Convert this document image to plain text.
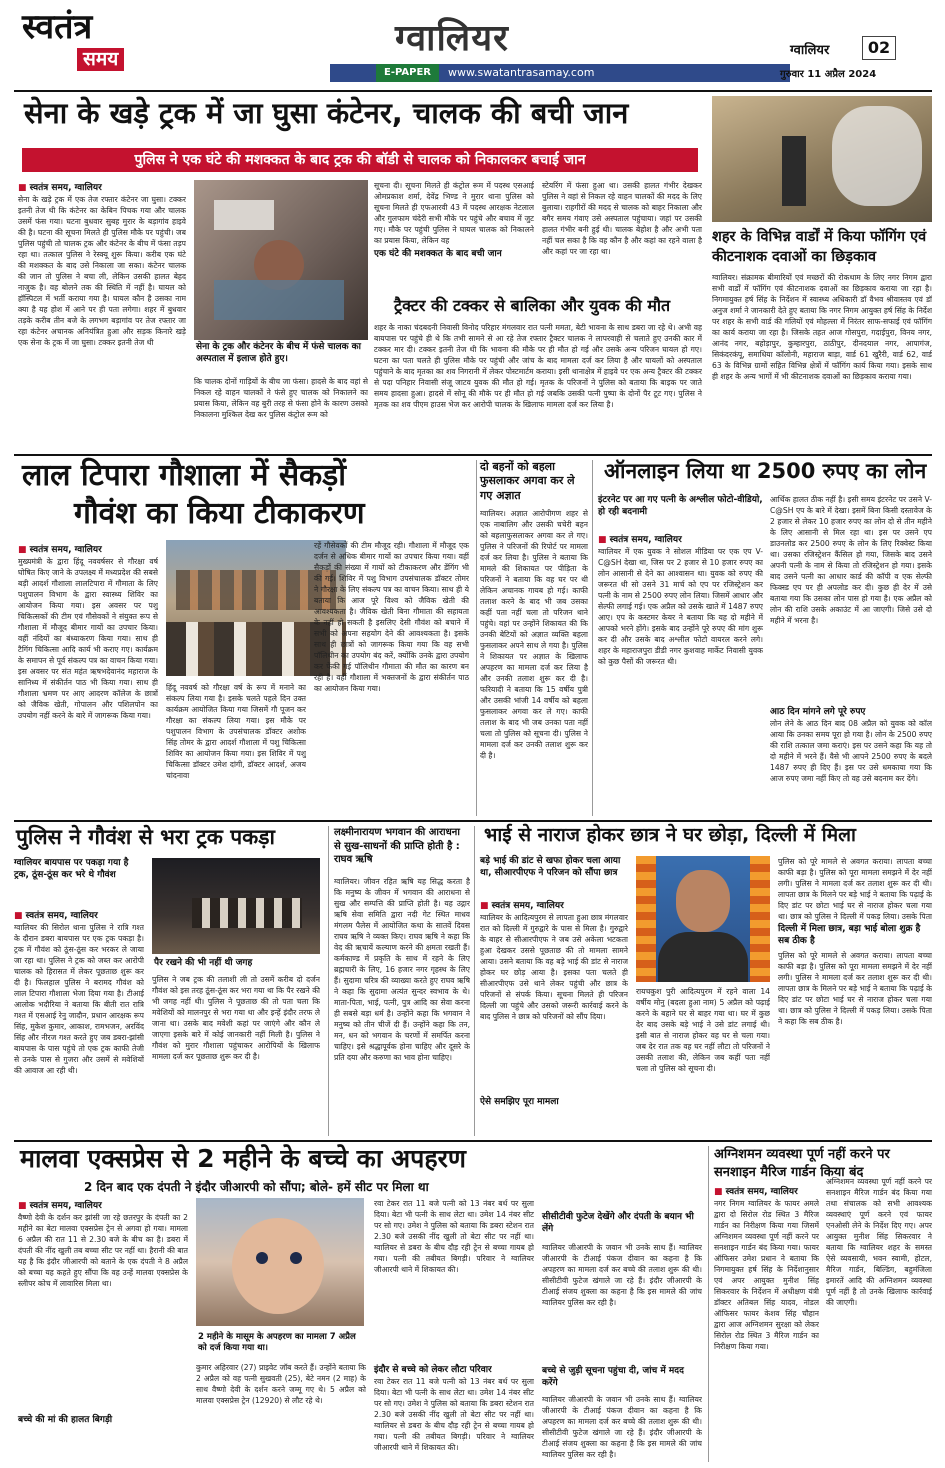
स्वतंत्र
समय	ग्वालियर
E-PAPER	www.swatantrasamay.com
ग्वालियर	02
गुरुवार 11 अप्रैल 2024
सेना के खड़े ट्रक में जा घुसा कंटेनर, चालक की बची जान
पुलिस ने एक घंटे की मशक्कत के बाद ट्रक की बॉडी से चालक को निकालकर बचाई जान
■ स्वतंत्र समय, ग्वालियर
सेना के खड़े ट्रक में एक तेज रफ्तार कंटेनर जा घुसा। टक्कर इतनी तेज थी कि कंटेनर का केबिन पिचक गया और चालक उसमें फंस गया। घटना बुधवार सुबह मुरार के बड़ागांव हाइवे की है। घटना की सूचना मिलते ही पुलिस मौके पर पहुंची। जब पुलिस पहुंची तो चालक ट्रक और कंटेनर के बीच में फंसा तड़प रहा था। तत्काल पुलिस ने रेस्क्यू शुरू किया। करीब एक घंटे की मशक्कत के बाद उसे निकाला जा सका। कंटेनर चालक की जान तो पुलिस ने बचा ली, लेकिन उसकी हालत बेहद नाजुक है। वह बोलने तक की स्थिति में नहीं है। घायल को हॉस्पिटल में भर्ती कराया गया है। घायल कौन है उसका नाम क्या है यह होश में आने पर ही पता लगेगा। शहर में बुधवार तड़के करीब तीन बजे के लगभग बड़ागांव पर तेज रफ्तार जा रहा कंटेनर अचानक अनियंत्रित हुआ और सड़क किनारे खड़े एक सेना के ट्रक में जा घुसा। टक्कर इतनी तेज थी	सेना के ट्रक और कंटेनर के बीच में फंसे चालक का अस्पताल में इलाज होते हुए।
कि चालक दोनों गाड़ियों के बीच जा फंसा। हादसे के बाद वहां से निकल रहे वाहन चालकों ने फंसे हुए चालक को निकालने का प्रयास किया, लेकिन वह बुरी तरह से फंसा होने के कारण उसको निकालना मुश्किल देख कर पुलिस कंट्रोल रूम को
सूचना दी। सूचना मिलते ही कंट्रोल रूम में पदस्थ एसआई ओमप्रकाश शर्मा, देवेंद्र भिण्ड ने मुरार थाना पुलिस को सूचना मिलते ही एफआरवी 43 में पदस्थ आरक्षक नेटलाल और गुलफाम चंदेरी सभी मौके पर पहुंचे और बचाव में जुट गए। मौके पर पहुंची पुलिस ने घायल चालक को निकालने का प्रयास किया, लेकिन वह
एक घंटे की मशक्कत के बाद बची जान
स्टेयरिंग में फंसा हुआ था। उसकी हालत गंभीर देखकर पुलिस ने वहां से निकल रहे वाहन चालकों की मदद के लिए बुलाया। राहगीरों की मदद से चालक को बाहर निकाला और बगैर समय गंवाए उसे अस्पताल पहुंचाया। जहां पर उसकी हालत गंभीर बनी हुई थी। चालक बेहोश है और अभी पता नहीं चल सका है कि वह कौन है और कहां का रहने वाला है और कहां पर जा रहा था।
ट्रैक्टर की टक्कर से बालिका और युवक की मौत
शहर के नाका चंदबदनी निवासी विनोद परिहार मंगलवार रात पत्नी ममता, बेटी भावना के साथ डबरा जा रहे थे। अभी वह बायपास पर पहुंचे ही थे कि तभी सामने से आ रहे तेज रफ्तार ट्रैक्टर चालक ने लापरवाही से चलाते हुए उनकी कार में टक्कर मार दी। टक्कर इतनी तेज थी कि भावना की मौके पर ही मौत हो गई और उसके अन्य परिजन घायल हो गए। घटना का पता चलते ही पुलिस मौके पर पहुंची और जांच के बाद मामला दर्ज कर लिया है और घायलों को अस्पताल पहुंचाने के बाद मृतका का शव निगरानी में लेकर पोस्टमार्टम कराया। इसी थानाक्षेत्र में हाइवे पर एक अन्य ट्रैक्टर की टक्कर से पदा पनिहार निवासी संजू जाटव युवक की मौत हो गई। मृतक के परिजनों ने पुलिस को बताया कि बाइक पर जाते समय हादसा हुआ। हादसे में सोनू की मौके पर ही मौत हो गई जबकि उसकी पत्नी पुष्पा के दोनों पैर टूट गए। पुलिस ने मृतक का शव पीएम हाउस भेज कर आरोपी चालक के खिलाफ मामला दर्ज कर लिया है।
शहर के विभिन्न वार्डों में किया फॉगिंग एवं कीटनाशक दवाओं का छिड़काव
ग्वालियर। संक्रामक बीमारियों एवं मच्छरों की रोकथाम के लिए नगर निगम द्वारा सभी वार्डों में फॉगिंग एवं कीटनाशक दवाओं का छिड़काव कराया जा रहा है। निगमायुक्त हर्ष सिंह के निर्देशन में स्वास्थ्य अधिकारी डॉ वैभव श्रीवास्तव एवं डॉ अनुज शर्मा ने जानकारी देते हुए बताया कि नगर निगम आयुक्त हर्ष सिंह के निर्देश पर शहर के सभी वार्ड की गलियों एवं मोहल्ला में निरंतर साफ-सफाई एवं फॉगिंग का कार्य कराया जा रहा है। जिसके तहत आज गोसपुरा, गदाईपुरा, विनय नगर, आनंद नगर, बहोड़ापुर, कुम्हारपुरा, ठाठीपुर, दीनदयाल नगर, आपागंज, सिकंदरकंपू, समाधिया कॉलोनी, महाराज बाड़ा, वार्ड 61 खुरैरी, वार्ड 62, वार्ड 63 के विभिन्न ग्रामों सहित विभिन्न क्षेत्रों में फॉगिंग कार्य किया गया। इसके साथ ही शहर के अन्य भागों में भी कीटनाशक दवाओं का छिड़काव कराया गया।
लाल टिपारा गौशाला में सैकड़ों
गौवंश का किया टीकाकरण
■ स्वतंत्र समय, ग्वालियर
मुख्यमंत्री के द्वारा हिंदू नववर्षसर से गौरक्षा वर्ष घोषित किए जाने के उपलक्ष्य में मध्यप्रदेश की सबसे बड़ी आदर्श गौशाला लालटिपारा में गौमाता के लिए पशुपालन विभाग के द्वारा स्वास्थ्य शिविर का आयोजन किया गया। इस अवसर पर पशु चिकित्सकों की टीम एवं गौसेवकों ने संयुक्त रूप से गौशाला में मौजूद बीमार गायों का उपचार किया। वहीं नंदियों का बंध्याकरण किया गया। साथ ही टैगिंग चिकित्सा आदि कार्य भी कराए गए। कार्यक्रम के समापन से पूर्व संकल्प पत्र का वाचन किया गया। इस अवसर पर संत महंत ऋषभदेवानंद महाराज के सानिध्य में संकीर्तन पाठ भी किया गया। साथ ही गौशाला भ्रमण पर आए आदरण कॉलेज के छात्रों को जैविक खेती, गोपालन और पशिलपोन का उपयोग नहीं करने के बारे में जागरूक किया गया।
हिंदू नववर्ष को गौरक्षा वर्ष के रूप में मनाने का संकल्प लिया गया है। इसके चलते पहले दिन उक्त कार्यक्रम आयोजित किया गया जिसमें गौ पूजन कर गौरक्षा का संकल्प लिया गया। इस मौके पर पशुपालन विभाग के उपसंचालक डॉक्टर अशोक सिंह तोमर के द्वारा आदर्श गौशाला में पशु चिकित्सा शिविर का आयोजन किया गया। इस शिविर में पशु चिकित्सा डॉक्टर उमेश दांगी, डॉक्टर आदर्श, अजय चांदनावा
रहें गौसेवकों की टीम मौजूद रही। गौशाला में मौजूद एक दर्जन से अधिक बीमार गायों का उपचार किया गया। वहीं सैकड़ों की संख्या में गायों को टीकाकरण और डेंगिंग भी की गई। शिविर में पशु विभाग उपसंचालक डॉक्टर तोमर ने गौरक्षा के लिए संकल्प पत्र का वाचन किया। साथ ही ये बताया कि आज पूरे विश्व को जैविक खेती की आवश्यकता है। जैविक खेती बिना गौमाता की सहायता के नहीं हो सकती है इसलिए देसी गौवंश को बचाने में सभी को अपना सहयोग देने की आवश्यकता है। इसके साथ ही छात्रों को जागरूक किया गया कि वह सभी पॉलिथीन का उपयोग बंद करें, क्योंकि उनके द्वारा उपयोग कर फेंकी गई पॉलिथीन गौमाता की मौत का कारण बन रही है। वहीं गौशाला में भक्तजनों के द्वारा संकीर्तन पाठ का आयोजन किया गया।
दो बहनों को बहला फुसलाकर अगवा कर ले गए अज्ञात
ग्वालियर। अज्ञात आरोपीगण शहर से एक नाबालिग और उसकी चचेरी बहन को बहलाफुसलाकर अगवा कर ले गए। पुलिस ने परिजनों की रिपोर्ट पर मामला दर्ज कर लिया है। पुलिस ने बताया कि मामले की शिकायत पर पीड़िता के परिजनों ने बताया कि वह घर पर थी लेकिन अचानक गायब हो गई। काफी तलाश करने के बाद भी जब उसका कहीं पता नहीं चला तो परिजन थाने पहुंचे। वहां पर उन्होंने शिकायत की कि उनकी बेटियों को अज्ञात व्यक्ति बहला फुसलाकर अपने साथ ले गया है। पुलिस ने शिकायत पर अज्ञात के खिलाफ अपहरण का मामला दर्ज कर लिया है और उनकी तलाश शुरू कर दी है। फरियादी ने बताया कि 15 वर्षीय पुत्री और उसकी भांजी 14 वर्षीय को बहला फुसलाकर अगवा कर ले गए। काफी तलाश के बाद भी जब उनका पता नहीं चला तो पुलिस को सूचना दी। पुलिस ने मामला दर्ज कर उनकी तलाश शुरू कर दी है।
ऑनलाइन लिया था 2500 रुपए का लोन
इंटरनेट पर आ गए पत्नी के अश्लील फोटो-वीडियो, हो रही बदनामी
■ स्वतंत्र समय, ग्वालियर
ग्वालियर में एक युवक ने सोशल मीडिया पर एक एप V-C@SH देखा था, जिस पर 2 हजार से 10 हजार रुपए का लोन आसानी से देने का आश्वासन था। युवक को रुपए की जरूरत थी सो उसने 31 मार्च को एप पर रजिस्ट्रेशन कर पत्नी के नाम से 2500 रुपए लोन लिया। जिसमें आधार और सेल्फी लगाई गई। एक अप्रैल को उसके खाते में 1487 रुपए आए। एप के कस्टमर केयर ने बताया कि यह दो महीने में आपको भरने होंगे। इसके बाद उन्होंने पूरे रुपए की मांग शुरू कर दी और उसके बाद अश्लील फोटो वायरल करने लगे। शहर के महाराजपुरा डीडी नगर कुशवाह मार्केट निवासी युवक को कुछ पैसों की जरूरत थी।
आर्थिक हालत ठीक नहीं है। इसी समय इंटरनेट पर उसने V-C@SH एप के बारे में देखा। इसमें बिना किसी दस्तावेज के 2 हजार से लेकर 10 हजार रुपए का लोन दो से तीन महीने के लिए आसानी से मिल रहा था। इस पर उसने एप डाउनलोड कर 2500 रुपए के लोन के लिए रिक्वेस्ट किया था। उसका रजिस्ट्रेशन कैंसिल हो गया, जिसके बाद उसने अपनी पत्नी के नाम से किया तो रजिस्ट्रेशन हो गया। इसके बाद उसने पत्नी का आधार कार्ड की कॉपी व एक सेल्फी फिक्स्ड एप पर ही अपलोड कर दी। कुछ ही देर में उसे बताया गया कि उसका लोन पास हो गया है। एक अप्रैल को लोन की राशि उसके अकाउंट में आ जाएगी। जिसे उसे दो महीने में भरना है।
आठ दिन मांगने लगे पूरे रुपए
लोन लेने के आठ दिन बाद 08 अप्रैल को युवक को कॉल आया कि उनका समय पूरा हो गया है। लोन के 2500 रुपए की राशि तत्काल जमा कराएं। इस पर उसने कहा कि यह तो दो महीने में भरने हैं। वैसे भी आपने 2500 रुपए के बदले 1487 रुपए ही दिए हैं। इस पर उसे धमकाया गया कि आज रुपए जमा नहीं किए तो वह उसे बदनाम कर देंगे।
पुलिस ने गौवंश से भरा ट्रक पकड़ा
ग्वालियर बायपास पर पकड़ा गया है ट्रक, ठूंस-ठूंस कर भरे थे गौवंश
■ स्वतंत्र समय, ग्वालियर
ग्वालियर की सिरोल थाना पुलिस ने रात्रि गश्त के दौरान डबरा बायपास पर एक ट्रक पकड़ा है। ट्रक में गौवंश को ठूंस-ठूंस कर भरकर ले जाया जा रहा था। पुलिस ने ट्रक को जब्त कर आरोपी चालक को हिरासत में लेकर पूछताछ शुरू कर दी है। फिलहाल पुलिस ने बरामद गौवंश को लाल टिपारा गौशाला भेजा दिया गया है। टीआई आलोक भदौरिया ने बताया कि बीती रात रात्रि गश्त में एसआई रेनु जादौन, प्रधान आरक्षक रूप सिंह, मुकेश कुमार, आकाश, रामभजन, अरविंद सिंह और नीरज गश्त करते हुए जब डबरा-झांसी बायपास के पास पहुंचे तो एक ट्रक काफी तेजी से उनके पास से गुजरा और उसमें से मवेशियों की आवाज आ रही थी।
पैर रखने की भी नहीं थी जगह
पुलिस ने जब ट्रक की तलाशी ली तो उसमें करीब दो दर्जन गौवंश को इस तरह ठूंस-ठूंस कर भरा गया था कि पैर रखने की भी जगह नहीं थी। पुलिस ने पूछताछ की तो पता चला कि मवेशियों को मालनपुर से भरा गया था और इन्हें इंदौर तरफ ले जाना था। उसके बाद मवेशी कहां पर जाएंगे और कौन ले जाएगा इसके बारे में कोई जानकारी नहीं मिली है। पुलिस ने गौवंश को मुरार गौशाला पहुंचाकर आरोपियों के खिलाफ मामला दर्ज कर पूछताछ शुरू कर दी है।
लक्ष्मीनारायण भगवान की आराधना से सुख-साधनों की प्राप्ति होती है : राघव ऋषि
ग्वालियर। जीवन रहित ऋषि यह सिद्ध करता है कि मनुष्य के जीवन में भगवान की आराधना से सुख और सम्पत्ति की प्राप्ति होती है। यह उद्गार ऋषि सेवा समिति द्वारा नदी गेट स्थित माधव मंगलम पैलेस में आयोजित कथा के सातवें दिवस राघव ऋषि ने व्यक्त किए। राघव ऋषि ने कहा कि वेद की ऋचायें कल्याण करने की क्षमता रखती हैं। कर्मकाण्ड में प्रकृति के साथ में रहने के लिए ब्रह्मचारी के लिए, 16 हजार नगर गृहस्थ के लिए हैं। सुदामा चरित्र की व्याख्या करते हुए राघव ऋषि ने कहा कि सुदामा अत्यंत सुन्दर स्वभाव के थे। माता-पिता, भाई, पत्नी, पुत्र आदि का सेवा करना ही सबसे बड़ा धर्म है। उन्होंने कहा कि भगवान ने मनुष्य को तीन चीजें दी हैं। उन्होंने कहा कि तन, मन, धन को भगवान के चरणों में समर्पित करना चाहिए। इसे श्रद्धापूर्वक होना चाहिए और दूसरे के प्रति दया और करुणा का भाव होना चाहिए।
भाई से नाराज होकर छात्र ने घर छोड़ा, दिल्ली में मिला
बड़े भाई की डांट से खफा होकर चला आया था, सीआरपीएफ ने परिजन को सौंपा छात्र
■ स्वतंत्र समय, ग्वालियर
ग्वालियर के आदित्यपुरम से लापता हुआ छात्र मंगलवार रात को दिल्ली में गुरुद्वारे के पास से मिला है। गुरुद्वारे के बाहर से सीआरपीएफ ने जब उसे अकेला भटकता हुआ देखकर उससे पूछताछ की तो मामला सामने आया। उसने बताया कि वह बड़े भाई की डांट से नाराज होकर घर छोड़ आया है। इसका पता चलते ही सीआरपीएफ उसे थाने लेकर पहुंची और छात्र के परिजनों से संपर्क किया। सूचना मिलते ही परिजन दिल्ली जा पहुंचे और उसको जरूरी कार्रवाई करने के बाद पुलिस ने छात्र को परिजनों को सौंप दिया।
ऐसे समझिए पूरा मामला
रायचकुश पुरी आदित्यपुरम में रहने वाला 14 वर्षीय मोनु (बदला हुआ नाम) 5 अप्रैल को पढ़ाई करने के बहाने घर से बाहर गया था। घर में कुछ देर बाद उसके बड़े भाई ने उसे डांट लगाई थी। इसी बात से नाराज होकर वह घर से चला गया। जब देर रात तक वह घर नहीं लौटा तो परिजनों ने उसकी तलाश की, लेकिन जब कहीं पता नहीं चला तो पुलिस को सूचना दी।
पुलिस को पूरे मामले से अवगत कराया। लापता बच्चा काफी बड़ा है। पुलिस को पूरा मामला समझने में देर नहीं लगी। पुलिस ने मामला दर्ज कर तलाश शुरू कर दी थी। लापता छात्र के मिलने पर बड़े भाई ने बताया कि पढ़ाई के दिए डांट पर छोटा भाई घर से नाराज होकर चला गया था। छात्र को पुलिस ने दिल्ली में पकड़ लिया। उसके पिता
दिल्ली में मिला छात्र, बड़ा भाई बोला शुक्र है सब ठीक है
पुलिस को पूरे मामले से अवगत कराया। लापता बच्चा काफी बड़ा है। पुलिस को पूरा मामला समझने में देर नहीं लगी। पुलिस ने मामला दर्ज कर तलाश शुरू कर दी थी। लापता छात्र के मिलने पर बड़े भाई ने बताया कि पढ़ाई के दिए डांट पर छोटा भाई घर से नाराज होकर चला गया था। छात्र को पुलिस ने दिल्ली में पकड़ लिया। उसके पिता ने कहा कि सब ठीक है।
मालवा एक्सप्रेस से 2 महीने के बच्चे का अपहरण
2 दिन बाद एक दंपती ने इंदौर जीआरपी को सौंपा; बोले- हमें सीट पर मिला था
■ स्वतंत्र समय, ग्वालियर
वैष्णो देवी के दर्शन कर झांसी जा रहे छतरपुर के दंपती का 2 महीने का बेटा मालवा एक्सप्रेस ट्रेन से अगवा हो गया। मामला 6 अप्रैल की रात 11 से 2.30 बजे के बीच का है। डबरा में दंपती की नींद खुली तब बच्चा सीट पर नहीं था। हैरानी की बात यह है कि इंदौर जीआरपी को बताने के एक दंपती ने 8 अप्रैल को बच्चा यह कहते हुए सौंपा कि वह उन्हें मालवा एक्सप्रेस के स्लीपर कोच में लावारिस मिला था।
बच्चे की मां की हालत बिगड़ी
2 महीने के मासूम के अपहरण का मामला 7 अप्रैल को दर्ज किया गया था।
कुमार अहिरवार (27) प्राइवेट जॉब करते हैं। उन्होंने बताया कि 2 अप्रैल को वह पत्नी सुखवती (25), बेटे नमन (2 माह) के साथ वैष्णो देवी के दर्शन करने जम्मू गए थे। 5 अप्रैल को मालवा एक्सप्रेस ट्रेन (12920) से लौट रहे थे।
रवा टेकर रात 11 बजे पत्नी को 13 नंबर बर्थ पर सुला दिया। बेटा भी पत्नी के साथ लेटा था। उमेश 14 नंबर सीट पर सो गए। उमेश ने पुलिस को बताया कि डबरा स्टेशन रात 2.30 बजे उसकी नींद खुली तो बेटा सीट पर नहीं था। ग्वालियर से डबरा के बीच दौड़ रही ट्रेन से बच्चा गायब हो गया। पत्नी की तबीयत बिगड़ी। परिवार ने ग्वालियर जीआरपी थाने में शिकायत की।
इंदौर से बच्चे को लेकर लौटा परिवार
रवा टेकर रात 11 बजे पत्नी को 13 नंबर बर्थ पर सुला दिया। बेटा भी पत्नी के साथ लेटा था। उमेश 14 नंबर सीट पर सो गए। उमेश ने पुलिस को बताया कि डबरा स्टेशन रात 2.30 बजे उसकी नींद खुली तो बेटा सीट पर नहीं था। ग्वालियर से डबरा के बीच दौड़ रही ट्रेन से बच्चा गायब हो गया। पत्नी की तबीयत बिगड़ी। परिवार ने ग्वालियर जीआरपी थाने में शिकायत की।
सीसीटीवी फुटेज देखेंगे और दंपती के बयान भी लेंगे
ग्वालियर जीआरपी के जवान भी उनके साथ हैं। ग्वालियर जीआरपी के टीआई पंकज दीवान का कहना है कि अपहरण का मामला दर्ज कर बच्चे की तलाश शुरू की थी। सीसीटीवी फुटेज खंगाले जा रहे हैं। इंदौर जीआरपी के टीआई संजय शुक्ला का कहना है कि इस मामले की जांच ग्वालियर पुलिस कर रही है।
बच्चे से जुड़ी सूचना पहुंचा दी, जांच में मदद करेंगे
ग्वालियर जीआरपी के जवान भी उनके साथ हैं। ग्वालियर जीआरपी के टीआई पंकज दीवान का कहना है कि अपहरण का मामला दर्ज कर बच्चे की तलाश शुरू की थी। सीसीटीवी फुटेज खंगाले जा रहे हैं। इंदौर जीआरपी के टीआई संजय शुक्ला का कहना है कि इस मामले की जांच ग्वालियर पुलिस कर रही है।
अग्निशमन व्यवस्था पूर्ण नहीं करने पर सनशाइन मैरिज गार्डन किया बंद
■ स्वतंत्र समय, ग्वालियर
नगर निगम ग्वालियर के फायर अमले द्वारा दो सिरोल रोड स्थित 3 मैरिज गार्डन का निरीक्षण किया गया जिसमें अग्निशमन व्यवस्था पूर्ण नहीं करने पर सनशाइन गार्डन बंद किया गया। फायर ऑफिसर उमेश प्रधान ने बताया कि निगमायुक्त हर्ष सिंह के निर्देशानुसार एवं अपर आयुक्त मुनीश सिंह सिकरवार के निर्देशन में अधीक्षण यंत्री डॉक्टर अतिबल सिंह यादव, नोडल ऑफिसर फायर केशव सिंह चौहान द्वारा आज अग्निशमन सुरक्षा को लेकर सिरोल रोड स्थित 3 मैरिज गार्डन का निरीक्षण किया गया।
अग्निशमन व्यवस्था पूर्ण नहीं करने पर सनशाइन मैरिज गार्डन बंद किया गया तथा संचालक को सभी आवश्यक व्यवस्थाएं पूर्ण करने एवं फायर एनओसी लेने के निर्देश दिए गए। अपर आयुक्त मुनीश सिंह सिकरवार ने बताया कि ग्वालियर शहर के समस्त ऐसे व्यवसायी, भवन स्वामी, होटल, मैरिज गार्डन, बिल्डिंग, बहुमंजिला इमारतें आदि की अग्निशमन व्यवस्था पूर्ण नहीं है तो उनके खिलाफ कार्रवाई की जाएगी।
